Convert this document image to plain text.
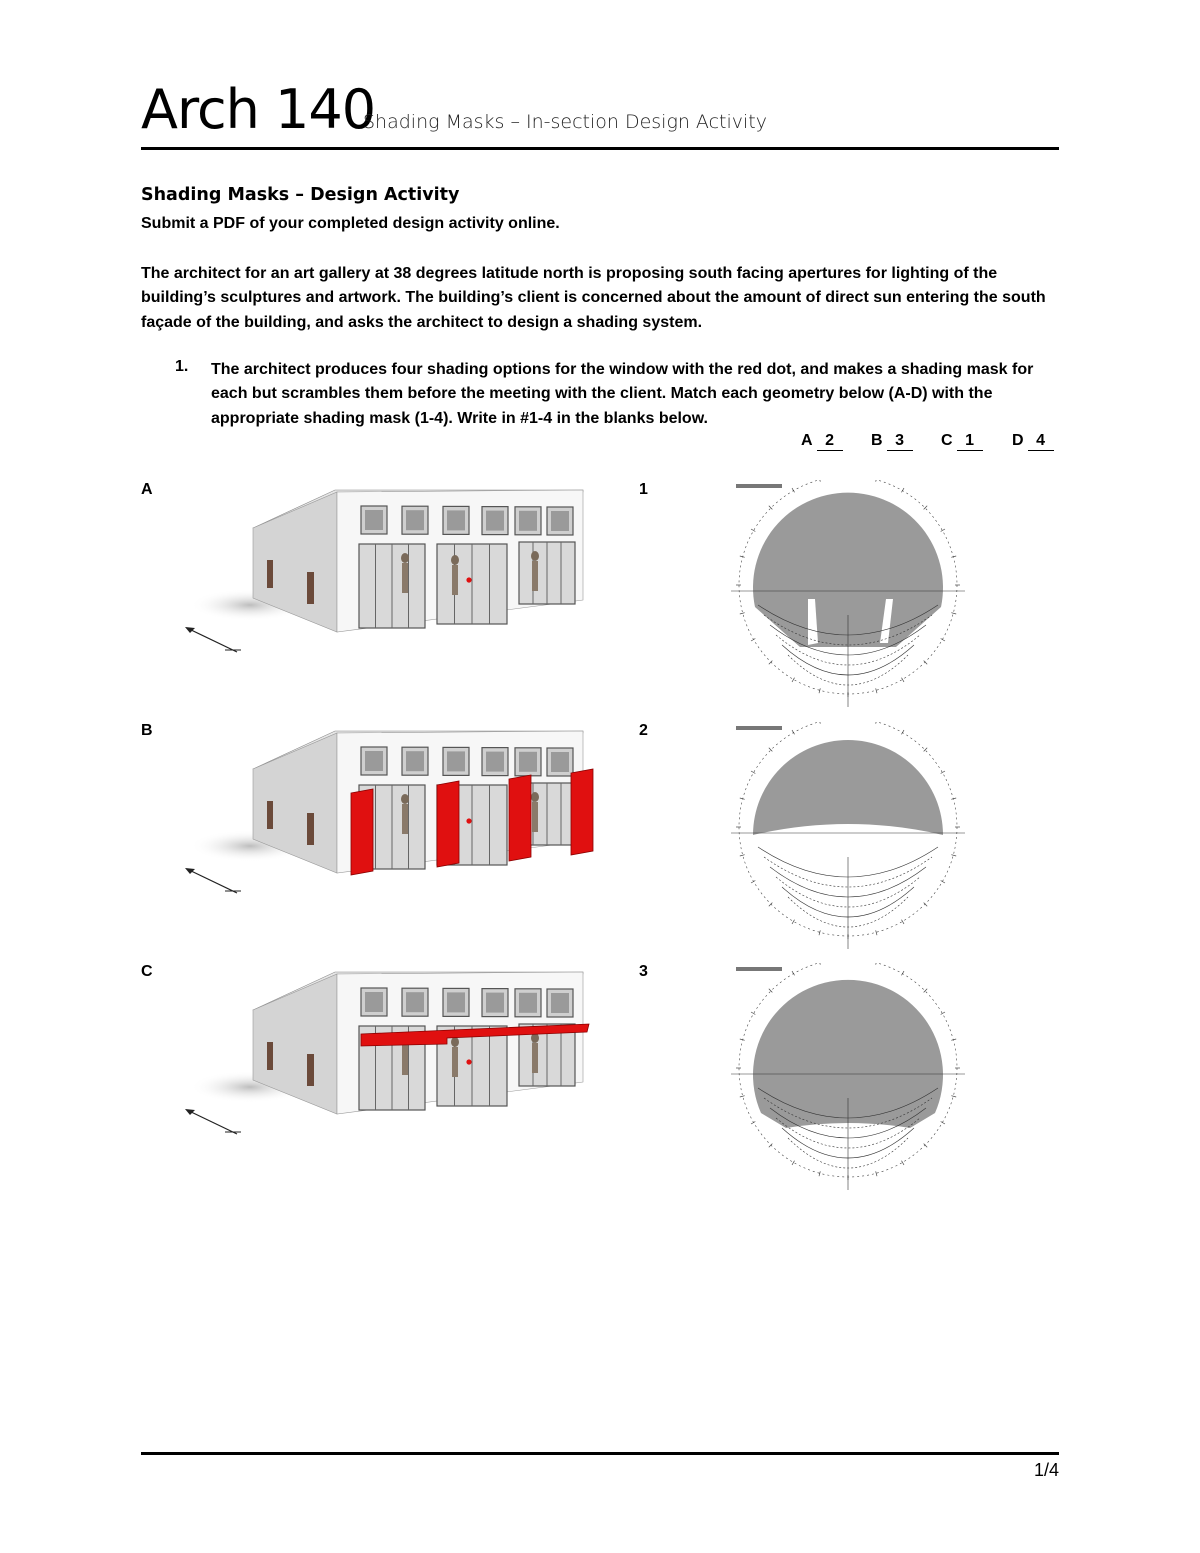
Arch 140
Shading Masks – In-section Design Activity
Shading Masks – Design Activity
Submit a PDF of your completed design activity online.
The architect for an art gallery at 38 degrees latitude north is proposing south facing apertures for lighting of the building’s sculptures and artwork. The building’s client is concerned about the amount of direct sun entering the south façade of the building, and asks the architect to design a shading system.
1. The architect produces four shading options for the window with the red dot, and makes a shading mask for each but scrambles them before the meeting with the client. Match each geometry below (A-D) with the appropriate shading mask (1-4). Write in #1-4 in the blanks below.
A 2	B 3	C 1	D 4
A	1
B	2
C	3
1/4
